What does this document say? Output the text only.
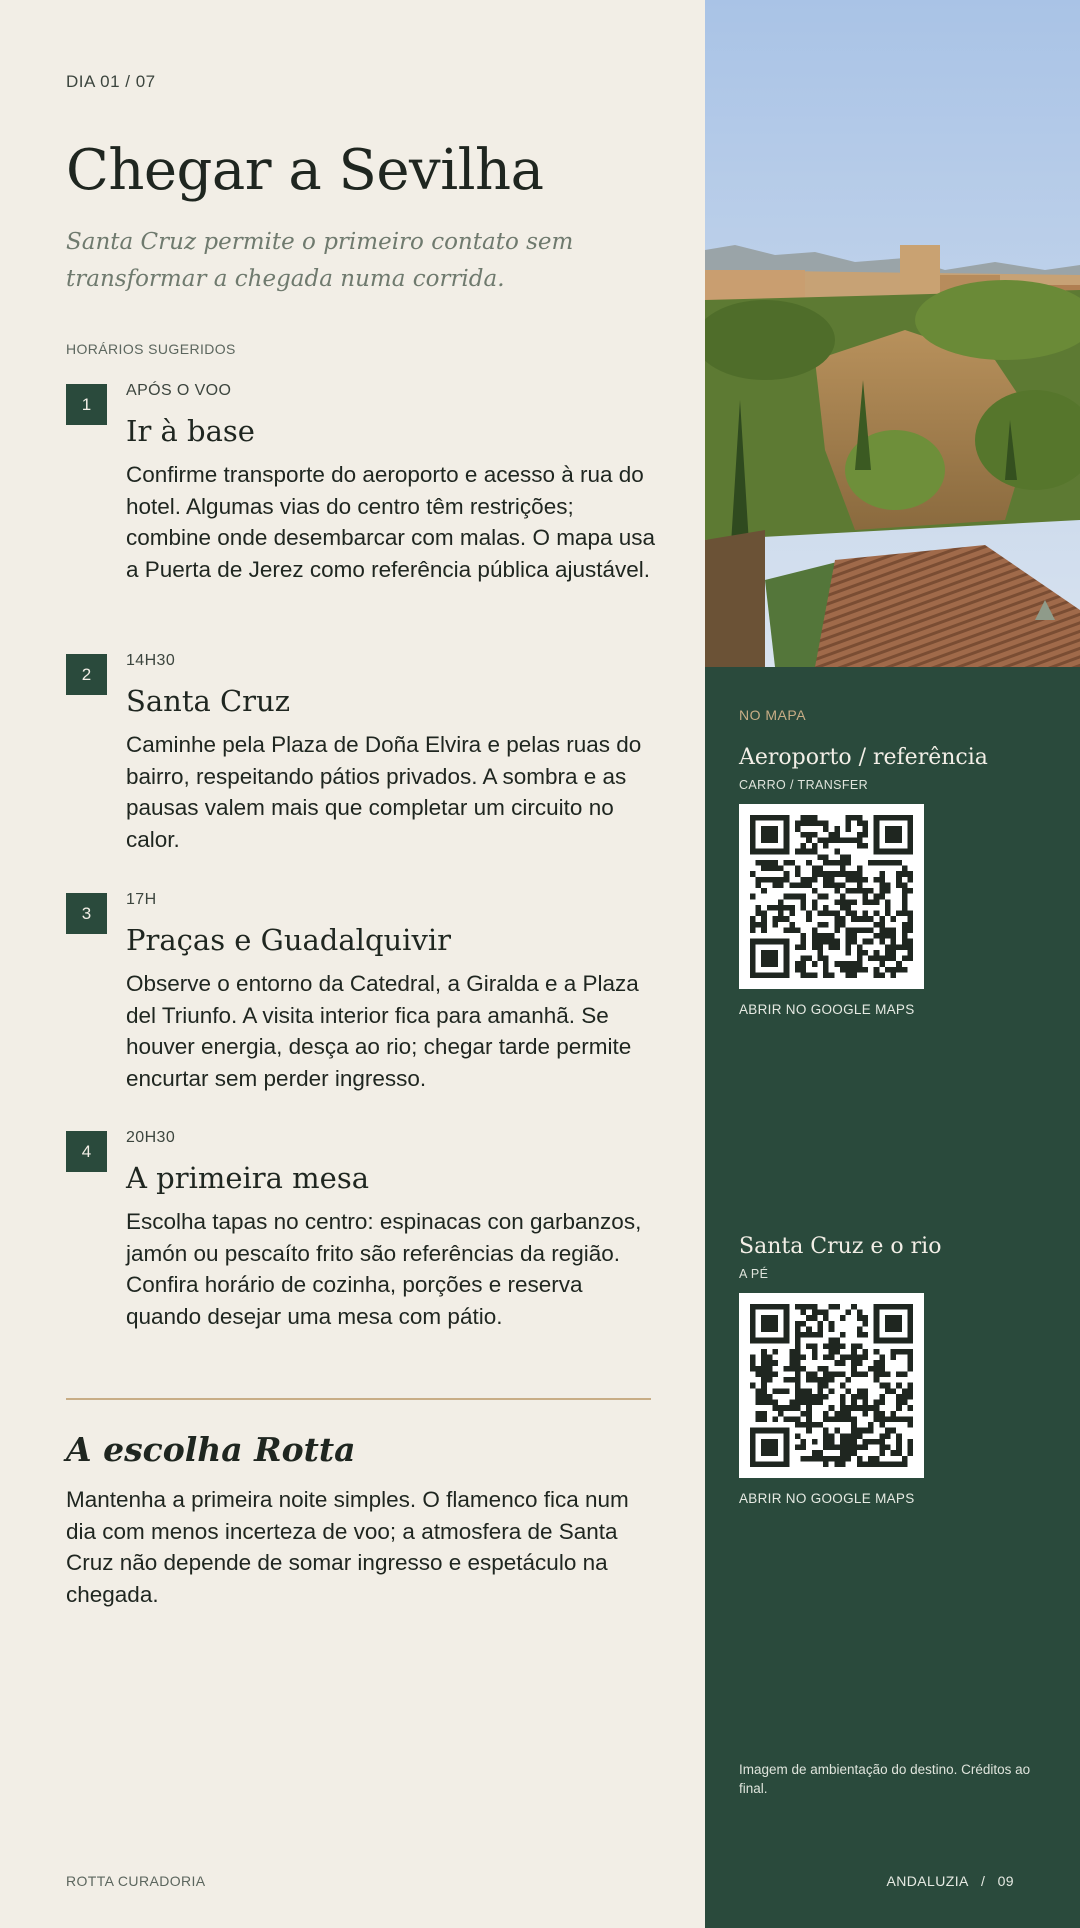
DIA 01 / 07
Chegar a Sevilha

Santa Cruz permite o primeiro contato sem transformar a chegada numa corrida.

HORÁRIOS SUGERIDOS
1
APÓS O VOO
Ir à base
Confirme transporte do aeroporto e acesso à rua do hotel. Algumas vias do centro têm restrições; combine onde desembarcar com malas. O mapa usa a Puerta de Jerez como referência pública ajustável.
2
14H30
Santa Cruz
Caminhe pela Plaza de Doña Elvira e pelas ruas do bairro, respeitando pátios privados. A sombra e as pausas valem mais que completar um circuito no calor.
3
17H
Praças e Guadalquivir
Observe o entorno da Catedral, a Giralda e a Plaza del Triunfo. A visita interior fica para amanhã. Se houver energia, desça ao rio; chegar tarde permite encurtar sem perder ingresso.
4
20H30
A primeira mesa
Escolha tapas no centro: espinacas con garbanzos, jamón ou pescaíto frito são referências da região. Confira horário de cozinha, porções e reserva quando desejar uma mesa com pátio.
A escolha Rotta

Mantenha a primeira noite simples. O flamenco fica num dia com menos incerteza de voo; a atmosfera de Santa Cruz não depende de somar ingresso e espetáculo na chegada.

ROTTA CURADORIA
NO MAPA
Aeroporto / referência
CARRO / TRANSFER
ABRIR NO GOOGLE MAPS
Santa Cruz e o rio
A PÉ
ABRIR NO GOOGLE MAPS
Imagem de ambientação do destino. Créditos ao final.
ANDALUZIA / 09
